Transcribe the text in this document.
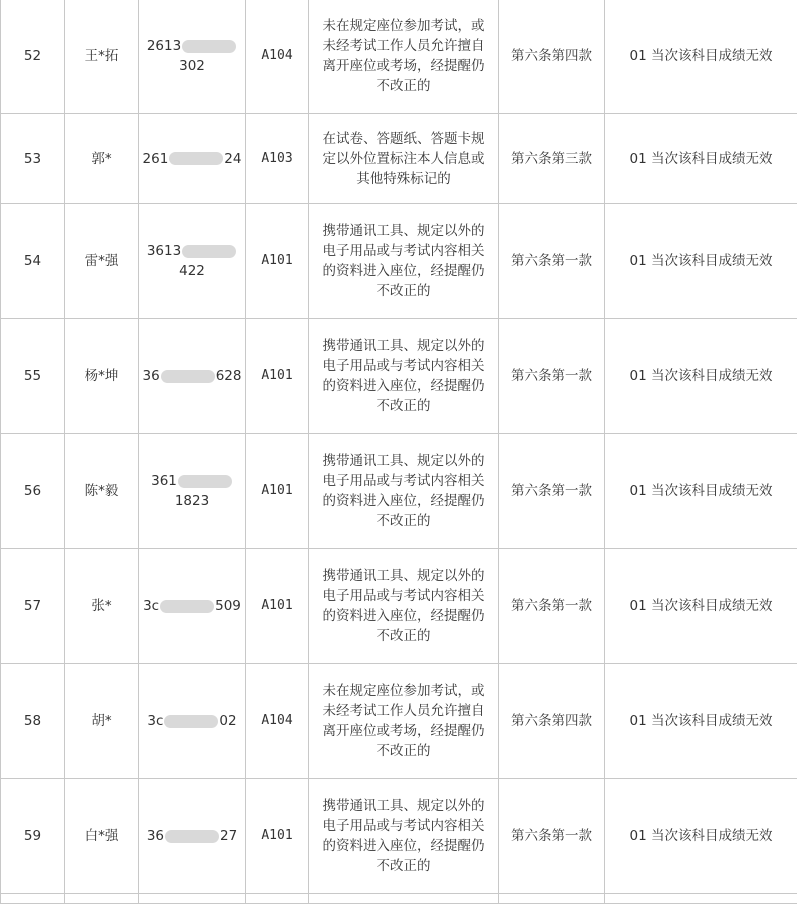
52	王*拓	2613302	A104	未在规定座位参加考试，或
未经考试工作人员允许擅自
离开座位或考场，经提醒仍
不改正的	第六条第四款	01 当次该科目成绩无效
53	郭*	261 24	A103	在试卷、答题纸、答题卡规
定以外位置标注本人信息或
其他特殊标记的	第六条第三款	01 当次该科目成绩无效
54	雷*强	3613422	A101	携带通讯工具、规定以外的
电子用品或与考试内容相关
的资料进入座位，经提醒仍
不改正的	第六条第一款	01 当次该科目成绩无效
55	杨*坤	36 628	A101	携带通讯工具、规定以外的
电子用品或与考试内容相关
的资料进入座位，经提醒仍
不改正的	第六条第一款	01 当次该科目成绩无效
56	陈*毅	3611823	A101	携带通讯工具、规定以外的
电子用品或与考试内容相关
的资料进入座位，经提醒仍
不改正的	第六条第一款	01 当次该科目成绩无效
57	张*	3c 509	A101	携带通讯工具、规定以外的
电子用品或与考试内容相关
的资料进入座位，经提醒仍
不改正的	第六条第一款	01 当次该科目成绩无效
58	胡*	3c 02	A104	未在规定座位参加考试，或
未经考试工作人员允许擅自
离开座位或考场，经提醒仍
不改正的	第六条第四款	01 当次该科目成绩无效
59	白*强	36 27	A101	携带通讯工具、规定以外的
电子用品或与考试内容相关
的资料进入座位，经提醒仍
不改正的	第六条第一款	01 当次该科目成绩无效
